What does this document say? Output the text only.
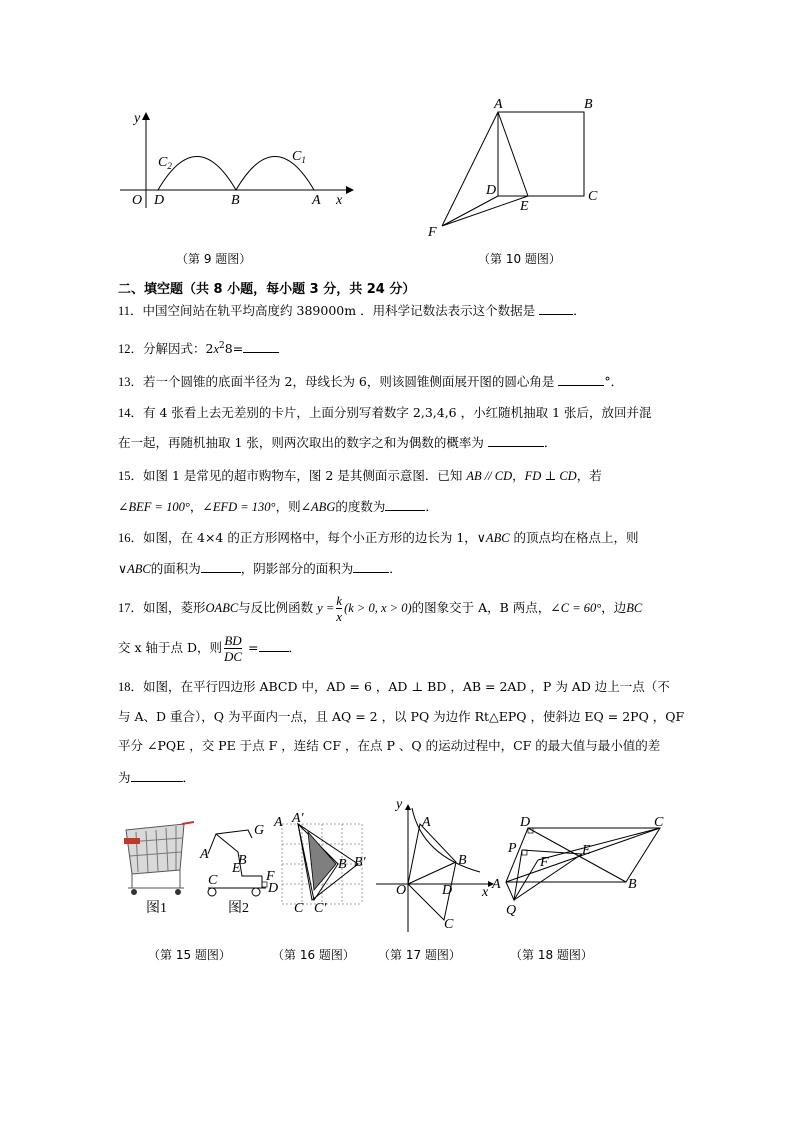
y
x
O D	B	A
$C_2$
$C_1$
（第 9 题图）
A	B
C
D
E
F
（第 10 题图）
二、填空题（共 8 小题，每小题 3 分，共 24 分）
11．中国空间站在轨平均高度约 389000m ．用科学记数法表示这个数据是	．
12．分解因式：$2x^28=$
13．若一个圆锥的底面半径为 2，母线长为 6，则该圆锥侧面展开图的圆心角是	°．
14．有 4 张看上去无差别的卡片，上面分别写着数字 2,3,4,6 ，小红随机抽取 1 张后，放回并混
在一起，再随机抽取 1 张，则两次取出的数字之和为偶数的概率为	．
15．如图 1 是常见的超市购物车，图 2 是其侧面示意图．已知 AB // CD，FD ⊥ CD，若
∠BEF = 100°，∠EFD = 130°，则∠ABG的度数为	．
16．如图，在 4×4 的正方形网格中，每个小正方形的边长为 1，∨ABC 的顶点均在格点上，则
∨ABC的面积为	，阴影部分的面积为	．
17．如图，菱形OABC与反比例函数 $y = \frac{k}{x} (k > 0$, x > 0)的图象交于 A，B 两点，∠C = 60°，边BC
交 x 轴于点 D，则 $\frac{BD}{DC}$ = ．
18．如图，在平行四边形 ABCD 中，AD = 6 ，AD ⊥ BD ，AB = 2AD ，P 为 AD 边上一点（不
与 A、D 重合），Q 为平面内一点，且 AQ = 2 ，以 PQ 为边作 Rt△EPQ ，使斜边 EQ = 2PQ ，QF
平分 ∠PQE ，交 PE 于点 F ，连结 CF ，在点 P 、Q 的运动过程中，CF 的最大值与最小值的差
为	．
图1
A B
C
D
E
F
G
图2
（第 15 题图）
A A′
B B′
C C′
（第 16 题图）
y
x
O
A
B
C
D
（第 17 题图）
A	B
C
D
E
F
P
Q
（第 18 题图）
